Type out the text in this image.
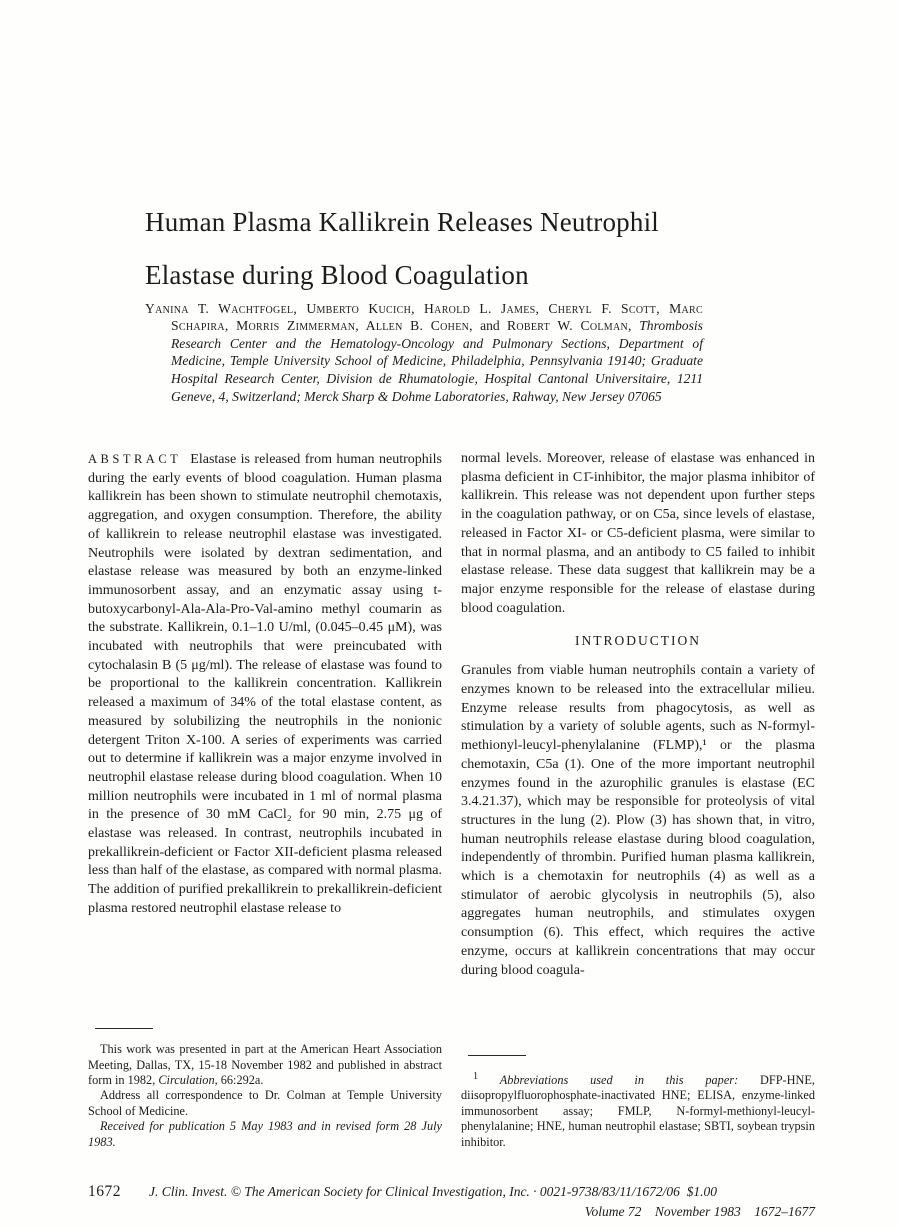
Human Plasma Kallikrein Releases Neutrophil
Elastase during Blood Coagulation

Yanina T. Wachtfogel, Umberto Kucich, Harold L. James, Cheryl F. Scott, Marc Schapira, Morris Zimmerman, Allen B. Cohen, and Robert W. Colman, Thrombosis Research Center and the Hematology-Oncology and Pulmonary Sections, Department of Medicine, Temple University School of Medicine, Philadelphia, Pennsylvania 19140; Graduate Hospital Research Center, Division de Rhumatologie, Hospital Cantonal Universitaire, 1211 Geneve, 4, Switzerland; Merck Sharp & Dohme Laboratories, Rahway, New Jersey 07065

ABSTRACT Elastase is released from human neutrophils during the early events of blood coagulation. Human plasma kallikrein has been shown to stimulate neutrophil chemotaxis, aggregation, and oxygen consumption. Therefore, the ability of kallikrein to release neutrophil elastase was investigated. Neutrophils were isolated by dextran sedimentation, and elastase release was measured by both an enzyme-linked immunosorbent assay, and an enzymatic assay using t-butoxycarbonyl-Ala-Ala-Pro-Val-amino methyl coumarin as the substrate. Kallikrein, 0.1–1.0 U/ml, (0.045–0.45 μM), was incubated with neutrophils that were preincubated with cytochalasin B (5 μg/ml). The release of elastase was found to be proportional to the kallikrein concentration. Kallikrein released a maximum of 34% of the total elastase content, as measured by solubilizing the neutrophils in the nonionic detergent Triton X-100. A series of experiments was carried out to determine if kallikrein was a major enzyme involved in neutrophil elastase release during blood coagulation. When 10 million neutrophils were incubated in 1 ml of normal plasma in the presence of 30 mM CaCl₂ for 90 min, 2.75 μg of elastase was released. In contrast, neutrophils incubated in prekallikrein-deficient or Factor XII-deficient plasma released less than half of the elastase, as compared with normal plasma. The addition of purified prekallikrein to prekallikrein-deficient plasma restored neutrophil elastase release to

This work was presented in part at the American Heart Association Meeting, Dallas, TX, 15-18 November 1982 and published in abstract form in 1982, Circulation, 66:292a.

Address all correspondence to Dr. Colman at Temple University School of Medicine.

Received for publication 5 May 1983 and in revised form 28 July 1983.

normal levels. Moreover, release of elastase was enhanced in plasma deficient in C1̄-inhibitor, the major plasma inhibitor of kallikrein. This release was not dependent upon further steps in the coagulation pathway, or on C5a, since levels of elastase, released in Factor XI- or C5-deficient plasma, were similar to that in normal plasma, and an antibody to C5 failed to inhibit elastase release. These data suggest that kallikrein may be a major enzyme responsible for the release of elastase during blood coagulation.

INTRODUCTION

Granules from viable human neutrophils contain a variety of enzymes known to be released into the extracellular milieu. Enzyme release results from phagocytosis, as well as stimulation by a variety of soluble agents, such as N-formyl-methionyl-leucyl-phenylalanine (FLMP),¹ or the plasma chemotaxin, C5a (1). One of the more important neutrophil enzymes found in the azurophilic granules is elastase (EC 3.4.21.37), which may be responsible for proteolysis of vital structures in the lung (2). Plow (3) has shown that, in vitro, human neutrophils release elastase during blood coagulation, independently of thrombin. Purified human plasma kallikrein, which is a chemotaxin for neutrophils (4) as well as a stimulator of aerobic glycolysis in neutrophils (5), also aggregates human neutrophils, and stimulates oxygen consumption (6). This effect, which requires the active enzyme, occurs at kallikrein concentrations that may occur during blood coagula-

$^1$ Abbreviations used in this paper: DFP-HNE, diisopropylfluorophosphate-inactivated HNE; ELISA, enzyme-linked immunosorbent assay; FMLP, N-formyl-methionyl-leucyl-phenylalanine; HNE, human neutrophil elastase; SBTI, soybean trypsin inhibitor.

1672 J. Clin. Invest. © The American Society for Clinical Investigation, Inc. · 0021-9738/83/11/1672/06 $1.00
Volume 72 November 1983 1672–1677
